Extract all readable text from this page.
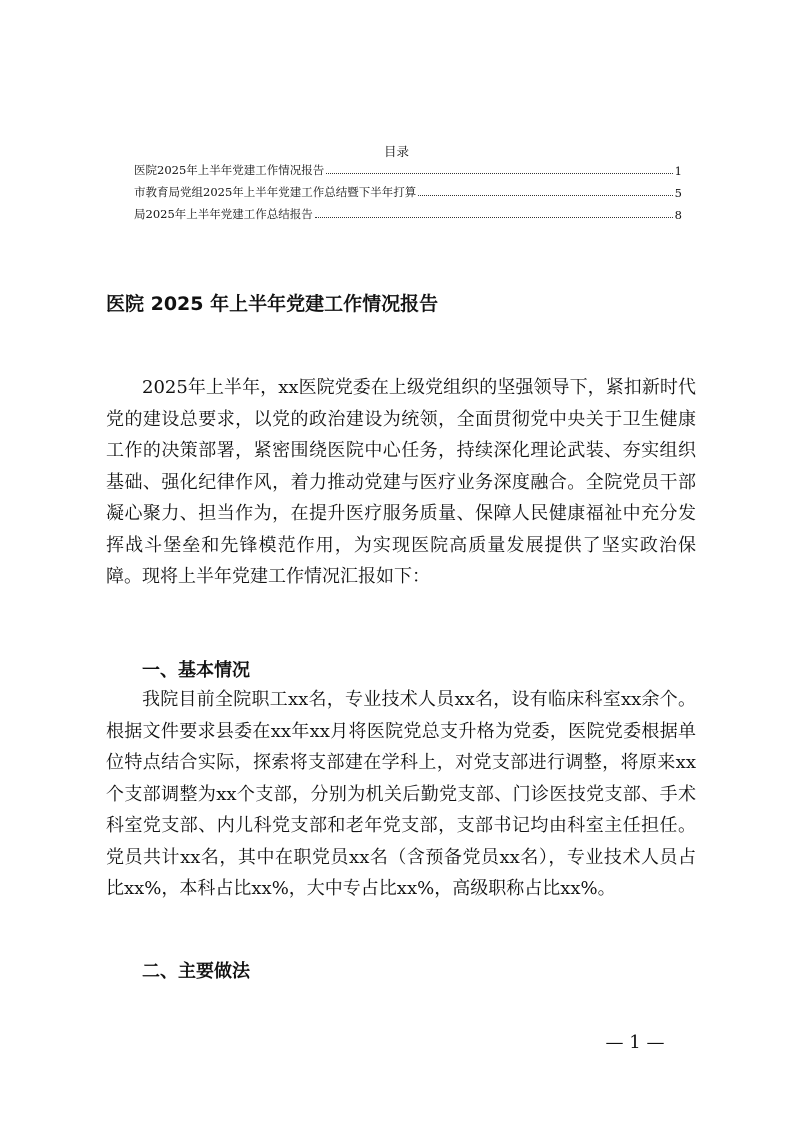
目录
医院2025年上半年党建工作情况报告	1
市教育局党组2025年上半年党建工作总结暨下半年打算	5
局2025年上半年党建工作总结报告	8
医院 2025 年上半年党建工作情况报告

2025年上半年，xx医院党委在上级党组织的坚强领导下，紧扣新时代党的建设总要求，以党的政治建设为统领，全面贯彻党中央关于卫生健康工作的决策部署，紧密围绕医院中心任务，持续深化理论武装、夯实组织基础、强化纪律作风，着力推动党建与医疗业务深度融合。全院党员干部凝心聚力、担当作为，在提升医疗服务质量、保障人民健康福祉中充分发挥战斗堡垒和先锋模范作用，为实现医院高质量发展提供了坚实政治保障。现将上半年党建工作情况汇报如下：

一、基本情况

我院目前全院职工xx名，专业技术人员xx名，设有临床科室xx余个。根据文件要求县委在xx年xx月将医院党总支升格为党委，医院党委根据单位特点结合实际，探索将支部建在学科上，对党支部进行调整，将原来xx个支部调整为xx个支部，分别为机关后勤党支部、门诊医技党支部、手术科室党支部、内儿科党支部和老年党支部，支部书记均由科室主任担任。党员共计xx名，其中在职党员xx名（含预备党员xx名），专业技术人员占比xx%，本科占比xx%，大中专占比xx%，高级职称占比xx%。

二、主要做法
— 1 —
